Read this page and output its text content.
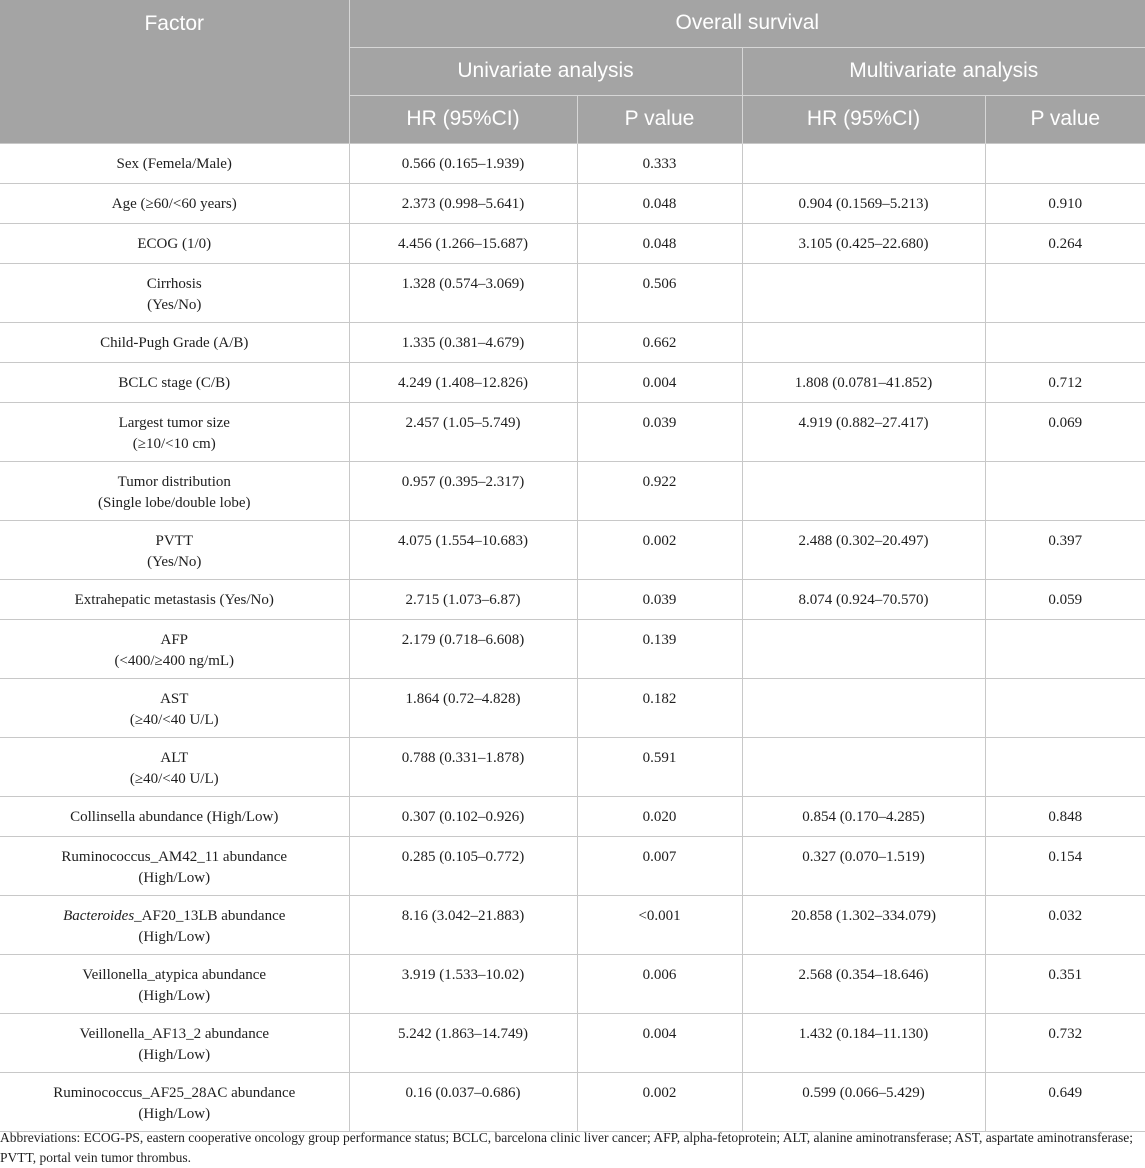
Factor	Overall survival			
	Univariate analysis		Multivariate analysis	
	HR (95%CI)	P value	HR (95%CI)	P value

Sex (Femela/Male)	0.566 (0.165–1.939)	0.333		

Age (≥60/<60 years)	2.373 (0.998–5.641)	0.048	0.904 (0.1569–5.213)	0.910

ECOG (1/0)	4.456 (1.266–15.687)	0.048	3.105 (0.425–22.680)	0.264

Cirrhosis
(Yes/No)	1.328 (0.574–3.069)	0.506		

Child-Pugh Grade (A/B)	1.335 (0.381–4.679)	0.662		

BCLC stage (C/B)	4.249 (1.408–12.826)	0.004	1.808 (0.0781–41.852)	0.712

Largest tumor size
(≥10/<10 cm)	2.457 (1.05–5.749)	0.039	4.919 (0.882–27.417)	0.069

Tumor distribution
(Single lobe/double lobe)	0.957 (0.395–2.317)	0.922		

PVTT
(Yes/No)	4.075 (1.554–10.683)	0.002	2.488 (0.302–20.497)	0.397

Extrahepatic metastasis (Yes/No)	2.715 (1.073–6.87)	0.039	8.074 (0.924–70.570)	0.059

AFP
(<400/≥400 ng/mL)	2.179 (0.718–6.608)	0.139		

AST
(≥40/<40 U/L)	1.864 (0.72–4.828)	0.182		

ALT
(≥40/<40 U/L)	0.788 (0.331–1.878)	0.591		

Collinsella abundance (High/Low)	0.307 (0.102–0.926)	0.020	0.854 (0.170–4.285)	0.848

Ruminococcus_AM42_11 abundance
(High/Low)	0.285 (0.105–0.772)	0.007	0.327 (0.070–1.519)	0.154

Bacteroides_AF20_13LB abundance
(High/Low)	8.16 (3.042–21.883)	<0.001	20.858 (1.302–334.079)	0.032

Veillonella_atypica abundance
(High/Low)	3.919 (1.533–10.02)	0.006	2.568 (0.354–18.646)	0.351

Veillonella_AF13_2 abundance
(High/Low)	5.242 (1.863–14.749)	0.004	1.432 (0.184–11.130)	0.732

Ruminococcus_AF25_28AC abundance
(High/Low)	0.16 (0.037–0.686)	0.002	0.599 (0.066–5.429)	0.649
Abbreviations: ECOG-PS, eastern cooperative oncology group performance status; BCLC, barcelona clinic liver cancer; AFP, alpha-fetoprotein; ALT, alanine aminotransferase; AST, aspartate aminotransferase; PVTT, portal vein tumor thrombus.
